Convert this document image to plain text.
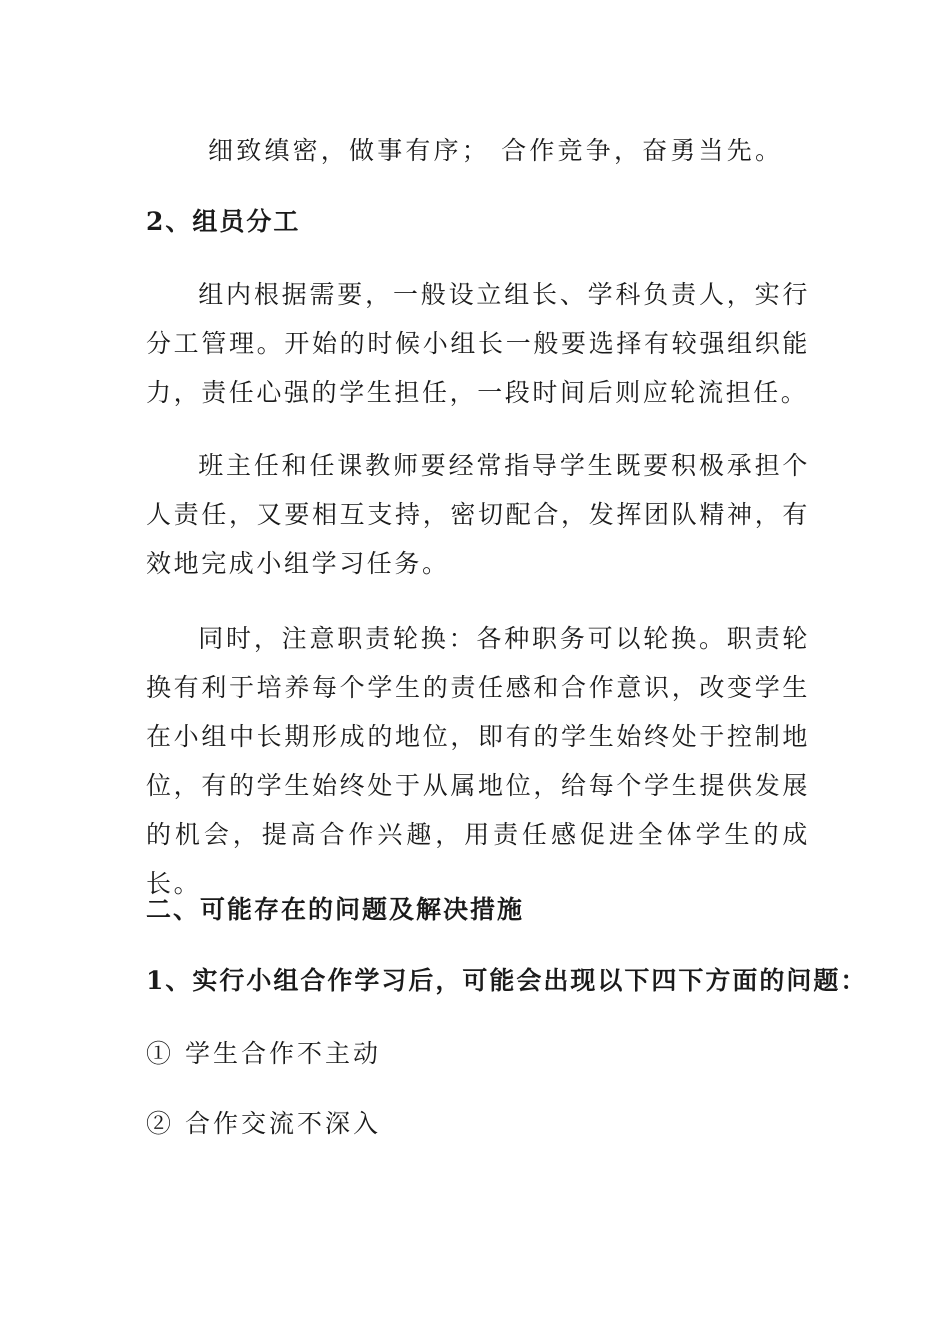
细致缜密，做事有序； 合作竞争，奋勇当先。
2、组员分工
组内根据需要，一般设立组长、学科负责人，实行分工管理。开始的时候小组长一般要选择有较强组织能力，责任心强的学生担任，一段时间后则应轮流担任。
班主任和任课教师要经常指导学生既要积极承担个人责任，又要相互支持，密切配合，发挥团队精神，有效地完成小组学习任务。
同时，注意职责轮换：各种职务可以轮换。职责轮换有利于培养每个学生的责任感和合作意识，改变学生在小组中长期形成的地位，即有的学生始终处于控制地位，有的学生始终处于从属地位，给每个学生提供发展的机会，提高合作兴趣，用责任感促进全体学生的成长。
二、可能存在的问题及解决措施
1、实行小组合作学习后，可能会出现以下四下方面的问题：
① 学生合作不主动
② 合作交流不深入
